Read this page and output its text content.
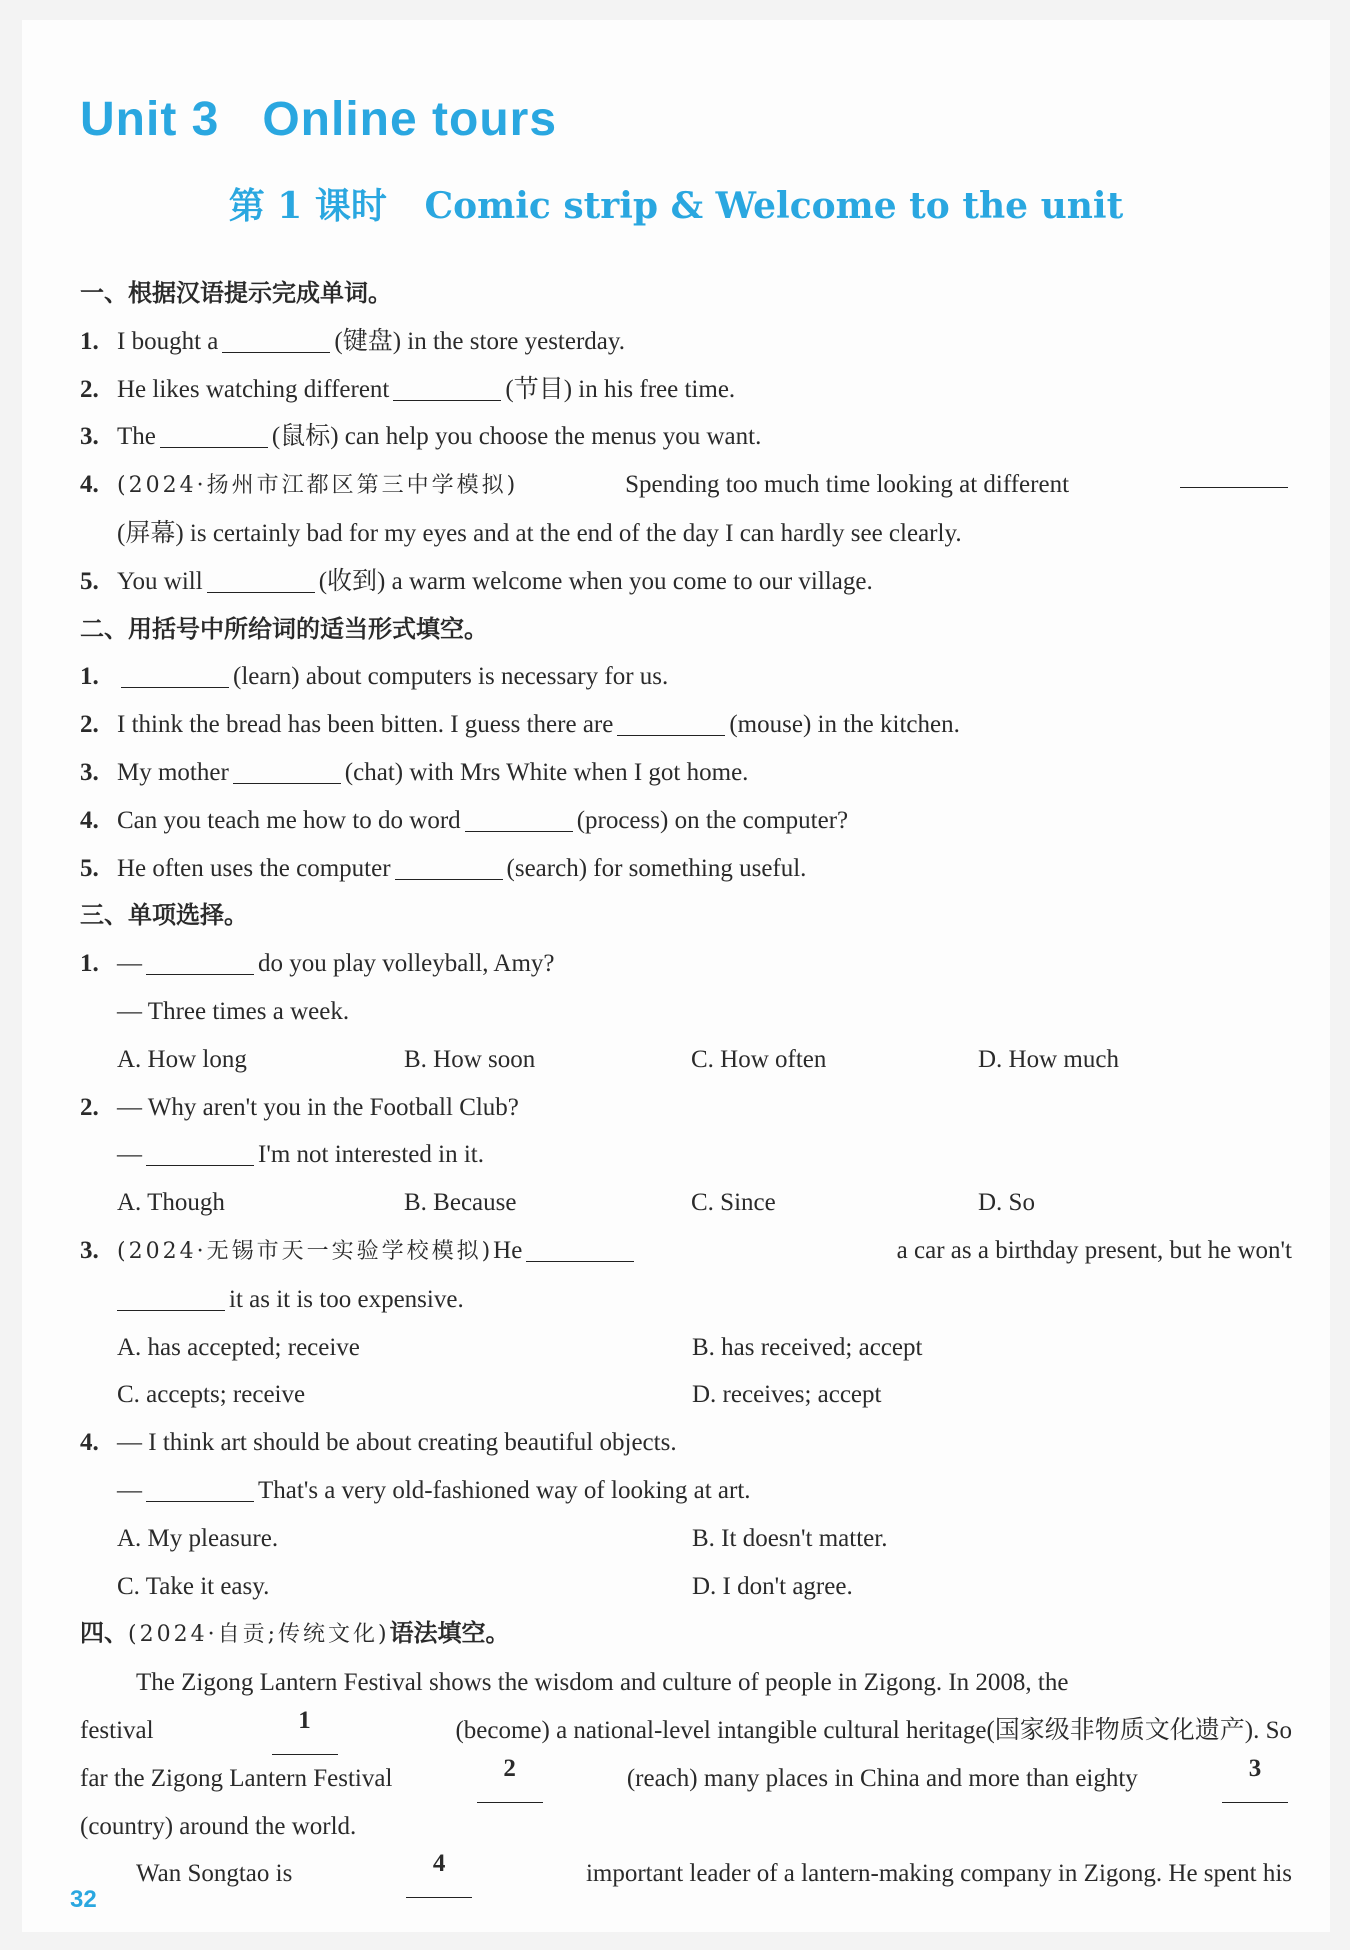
Unit 3   Online tours
第 1 课时   Comic strip & Welcome to the unit
一、根据汉语提示完成单词。
1. I bought a	(键盘) in the store yesterday.
2. He likes watching different	(节目) in his free time.
3. The	(鼠标) can help you choose the menus you want.
4. (2024·扬州市江都区第三中学模拟)	Spending too much time looking at different
(屏幕) is certainly bad for my eyes and at the end of the day I can hardly see clearly.
5. You will	(收到) a warm welcome when you come to our village.
二、用括号中所给词的适当形式填空。
1.	(learn) about computers is necessary for us.
2. I think the bread has been bitten. I guess there are	(mouse) in the kitchen.
3. My mother	(chat) with Mrs White when I got home.
4. Can you teach me how to do word	(process) on the computer?
5. He often uses the computer	(search) for something useful.
三、单项选择。
1. —	do you play volleyball, Amy?
— Three times a week.
A. How long	B. How soon	C. How often	D. How much
2. — Why aren't you in the Football Club?
—	I'm not interested in it.
A. Though	B. Because	C. Since	D. So
3. (2024·无锡市天一实验学校模拟)He	a car as a birthday present, but he won't
it as it is too expensive.
A. has accepted; receive	B. has received; accept
C. accepts; receive	D. receives; accept
4. — I think art should be about creating beautiful objects.
—	That's a very old-fashioned way of looking at art.
A. My pleasure.	B. It doesn't matter.
C. Take it easy.	D. I don't agree.
四、(2024·自贡;传统文化)语法填空。
The Zigong Lantern Festival shows the wisdom and culture of people in Zigong. In 2008, the
festival	1	(become) a national-level intangible cultural heritage(国家级非物质文化遗产). So
far the Zigong Lantern Festival	2	(reach) many places in China and more than eighty	3
(country) around the world.
Wan Songtao is	4	important leader of a lantern-making company in Zigong. He spent his
32
